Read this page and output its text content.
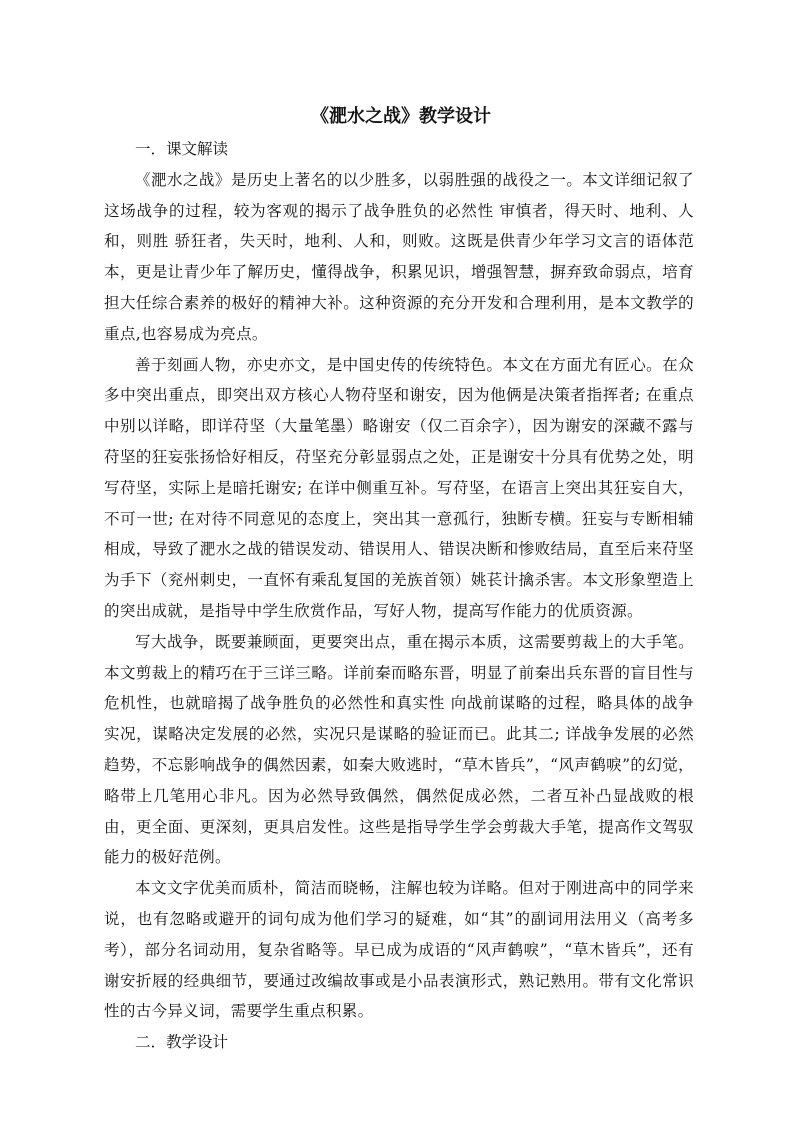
《淝水之战》教学设计

一．课文解读

《淝水之战》是历史上著名的以少胜多，以弱胜强的战役之一。本文详细记叙了这场战争的过程，较为客观的揭示了战争胜负的必然性 审慎者，得天时、地利、人和，则胜 骄狂者，失天时，地利、人和，则败。这既是供青少年学习文言的语体范本，更是让青少年了解历史，懂得战争，积累见识，增强智慧，摒弃致命弱点，培育担大任综合素养的极好的精神大补。这种资源的充分开发和合理利用，是本文教学的重点,也容易成为亮点。

善于刻画人物，亦史亦文，是中国史传的传统特色。本文在方面尤有匠心。在众多中突出重点，即突出双方核心人物苻坚和谢安，因为他俩是决策者指挥者; 在重点中别以详略，即详苻坚（大量笔墨）略谢安（仅二百余字），因为谢安的深藏不露与苻坚的狂妄张扬恰好相反，苻坚充分彰显弱点之处，正是谢安十分具有优势之处，明写苻坚，实际上是暗托谢安; 在详中侧重互补。写苻坚，在语言上突出其狂妄自大，不可一世; 在对待不同意见的态度上，突出其一意孤行，独断专横。狂妄与专断相辅相成，导致了淝水之战的错误发动、错误用人、错误决断和惨败结局，直至后来苻坚为手下（兖州刺史，一直怀有乘乱复国的羌族首领）姚苌计擒杀害。本文形象塑造上的突出成就，是指导中学生欣赏作品，写好人物，提高写作能力的优质资源。

写大战争，既要兼顾面，更要突出点，重在揭示本质，这需要剪裁上的大手笔。本文剪裁上的精巧在于三详三略。详前秦而略东晋，明显了前秦出兵东晋的盲目性与危机性，也就暗揭了战争胜负的必然性和真实性 向战前谋略的过程，略具体的战争实况，谋略决定发展的必然，实况只是谋略的验证而已。此其二; 详战争发展的必然趋势，不忘影响战争的偶然因素，如秦大败逃时，“草木皆兵”，“风声鹤唳”的幻觉，略带上几笔用心非凡。因为必然导致偶然，偶然促成必然，二者互补凸显战败的根由，更全面、更深刻，更具启发性。这些是指导学生学会剪裁大手笔，提高作文驾驭能力的极好范例。

本文文字优美而质朴，简洁而晓畅，注解也较为详略。但对于刚进高中的同学来说，也有忽略或避开的词句成为他们学习的疑难，如“其”的副词用法用义（高考多考），部分名词动用，复杂省略等。早已成为成语的“风声鹤唳”，“草木皆兵”，还有谢安折屐的经典细节，要通过改编故事或是小品表演形式，熟记熟用。带有文化常识性的古今异义词，需要学生重点积累。

二．教学设计
